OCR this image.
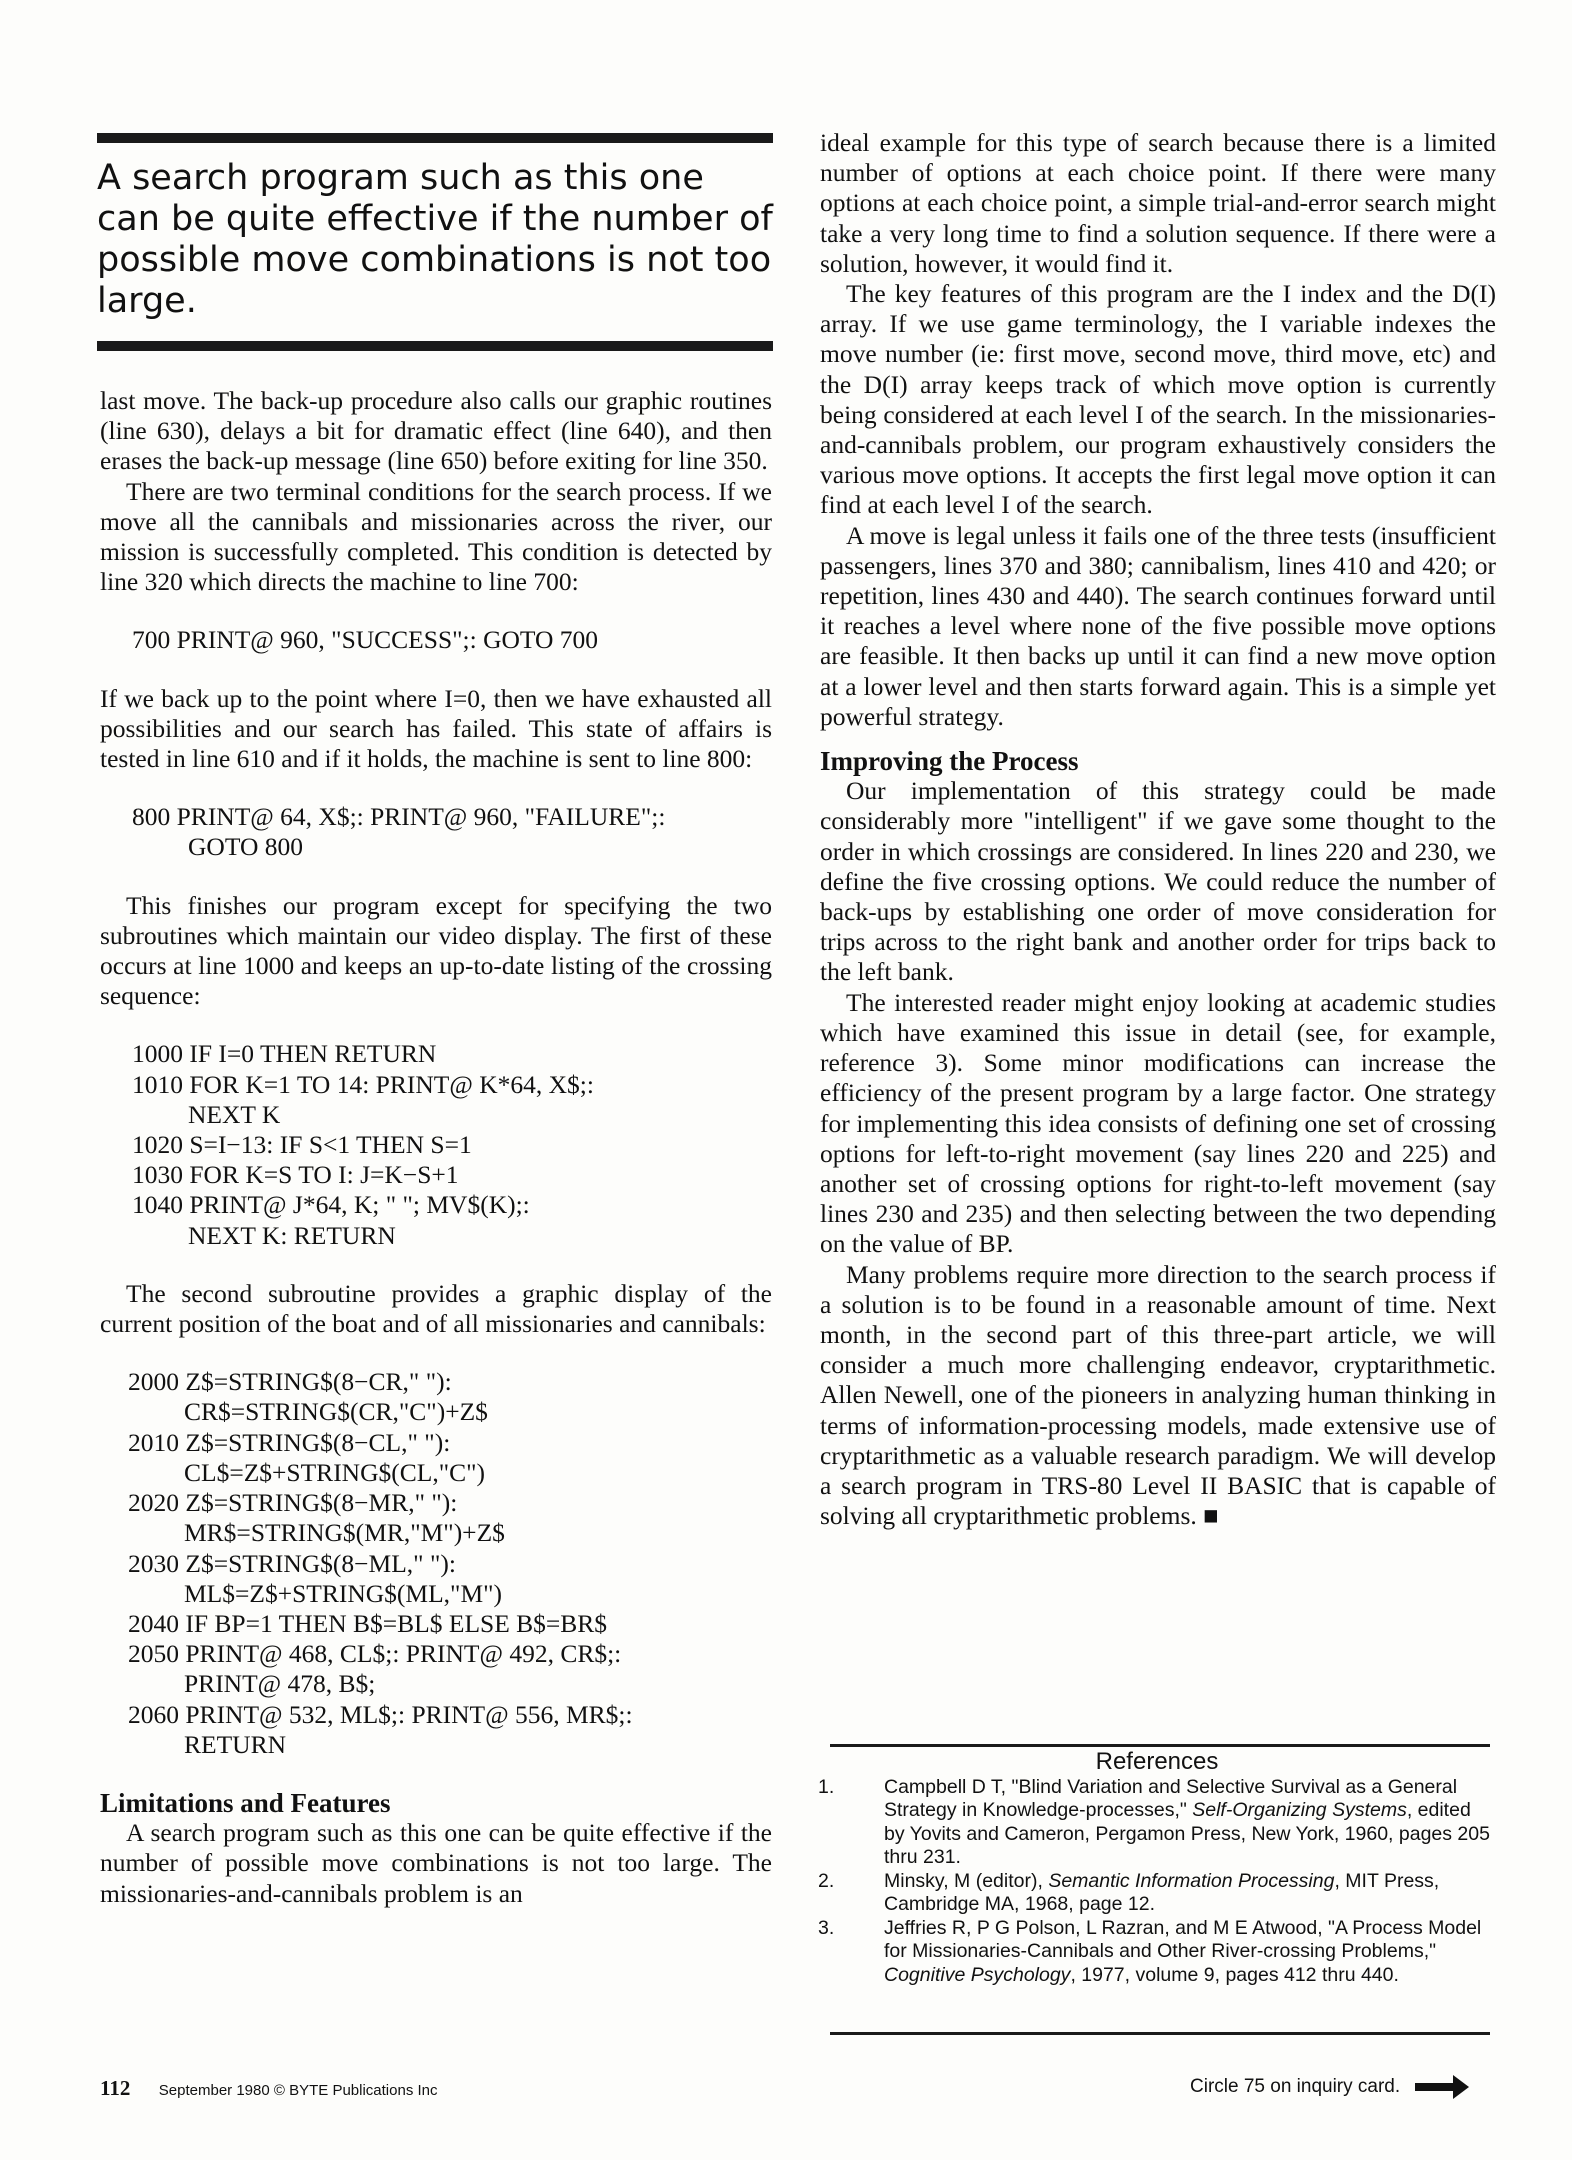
A search program such as this one can be quite effective if the number of possible move combinations is not too large.

last move. The back-up procedure also calls our graphic routines (line 630), delays a bit for dramatic effect (line 640), and then erases the back-up message (line 650) before exiting for line 350.

There are two terminal conditions for the search process. If we move all the cannibals and missionaries across the river, our mission is successfully completed. This condition is detected by line 320 which directs the machine to line 700:

700 PRINT@ 960, "SUCCESS";: GOTO 700

If we back up to the point where I=0, then we have exhausted all possibilities and our search has failed. This state of affairs is tested in line 610 and if it holds, the machine is sent to line 800:

800 PRINT@ 64, X$;: PRINT@ 960, "FAILURE";:
GOTO 800

This finishes our program except for specifying the two subroutines which maintain our video display. The first of these occurs at line 1000 and keeps an up-to-date listing of the crossing sequence:

1000 IF I=0 THEN RETURN
1010 FOR K=1 TO 14: PRINT@ K*64, X$;:
NEXT K
1020 S=I−13: IF S<1 THEN S=1
1030 FOR K=S TO I: J=K−S+1
1040 PRINT@ J*64, K; " "; MV$(K);:
NEXT K: RETURN

The second subroutine provides a graphic display of the current position of the boat and of all missionaries and cannibals:

2000 Z$=STRING$(8−CR," "):
CR$=STRING$(CR,"C")+Z$
2010 Z$=STRING$(8−CL," "):
CL$=Z$+STRING$(CL,"C")
2020 Z$=STRING$(8−MR," "):
MR$=STRING$(MR,"M")+Z$
2030 Z$=STRING$(8−ML," "):
ML$=Z$+STRING$(ML,"M")
2040 IF BP=1 THEN B$=BL$ ELSE B$=BR$
2050 PRINT@ 468, CL$;: PRINT@ 492, CR$;:
PRINT@ 478, B$;
2060 PRINT@ 532, ML$;: PRINT@ 556, MR$;:
RETURN
Limitations and Features

A search program such as this one can be quite effective if the number of possible move combinations is not too large. The missionaries-and-cannibals problem is an

ideal example for this type of search because there is a limited number of options at each choice point. If there were many options at each choice point, a simple trial-and-error search might take a very long time to find a solution sequence. If there were a solution, however, it would find it.

The key features of this program are the I index and the D(I) array. If we use game terminology, the I variable indexes the move number (ie: first move, second move, third move, etc) and the D(I) array keeps track of which move option is currently being considered at each level I of the search. In the missionaries-and-cannibals problem, our program exhaustively considers the various move options. It accepts the first legal move option it can find at each level I of the search.

A move is legal unless it fails one of the three tests (insufficient passengers, lines 370 and 380; cannibalism, lines 410 and 420; or repetition, lines 430 and 440). The search continues forward until it reaches a level where none of the five possible move options are feasible. It then backs up until it can find a new move option at a lower level and then starts forward again. This is a simple yet powerful strategy.

Improving the Process

Our implementation of this strategy could be made considerably more "intelligent" if we gave some thought to the order in which crossings are considered. In lines 220 and 230, we define the five crossing options. We could reduce the number of back-ups by establishing one order of move consideration for trips across to the right bank and another order for trips back to the left bank.

The interested reader might enjoy looking at academic studies which have examined this issue in detail (see, for example, reference 3). Some minor modifications can increase the efficiency of the present program by a large factor. One strategy for implementing this idea consists of defining one set of crossing options for left-to-right movement (say lines 220 and 225) and another set of crossing options for right-to-left movement (say lines 230 and 235) and then selecting between the two depending on the value of BP.

Many problems require more direction to the search process if a solution is to be found in a reasonable amount of time. Next month, in the second part of this three-part article, we will consider a much more challenging endeavor, cryptarithmetic. Allen Newell, one of the pioneers in analyzing human thinking in terms of information-processing models, made extensive use of cryptarithmetic as a valuable research paradigm. We will develop a search program in TRS-80 Level II BASIC that is capable of solving all cryptarithmetic problems. ■

References
1.	Campbell D T, "Blind Variation and Selective Survival as a General Strategy in Knowledge-processes," Self-Organizing Systems, edited by Yovits and Cameron, Pergamon Press, New York, 1960, pages 205 thru 231.
2.	Minsky, M (editor), Semantic Information Processing, MIT Press, Cambridge MA, 1968, page 12.
3.	Jeffries R, P G Polson, L Razran, and M E Atwood, "A Process Model for Missionaries-Cannibals and Other River-crossing Problems," Cognitive Psychology, 1977, volume 9, pages 412 thru 440.
112 September 1980 © BYTE Publications Inc	Circle 75 on inquiry card.
